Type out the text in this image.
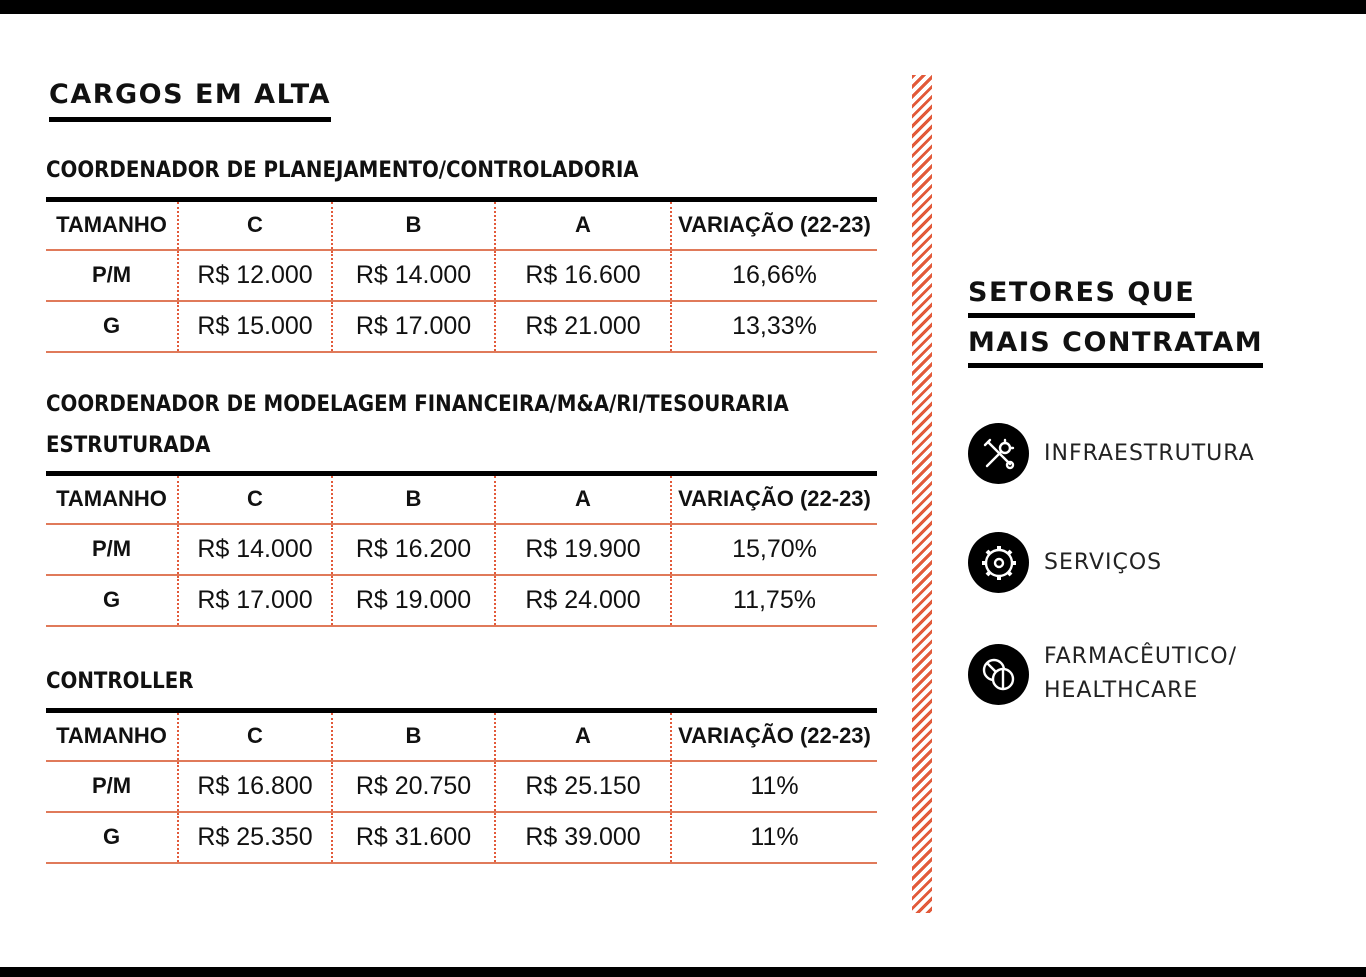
CARGOS EM ALTA
COORDENADOR DE PLANEJAMENTO/CONTROLADORIA
TAMANHO	C	B	A	VARIAÇÃO (22-23)
P/M	R$ 12.000	R$ 14.000	R$ 16.600	16,66%
G	R$ 15.000	R$ 17.000	R$ 21.000	13,33%
COORDENADOR DE MODELAGEM FINANCEIRA/M&A/RI/TESOURARIA
ESTRUTURADA
TAMANHO	C	B	A	VARIAÇÃO (22-23)
P/M	R$ 14.000	R$ 16.200	R$ 19.900	15,70%
G	R$ 17.000	R$ 19.000	R$ 24.000	11,75%
CONTROLLER
TAMANHO	C	B	A	VARIAÇÃO (22-23)
P/M	R$ 16.800	R$ 20.750	R$ 25.150	11%
G	R$ 25.350	R$ 31.600	R$ 39.000	11%
SETORES QUE
MAIS CONTRATAM
INFRAESTRUTURA
SERVIÇOS
FARMACÊUTICO/
HEALTHCARE
